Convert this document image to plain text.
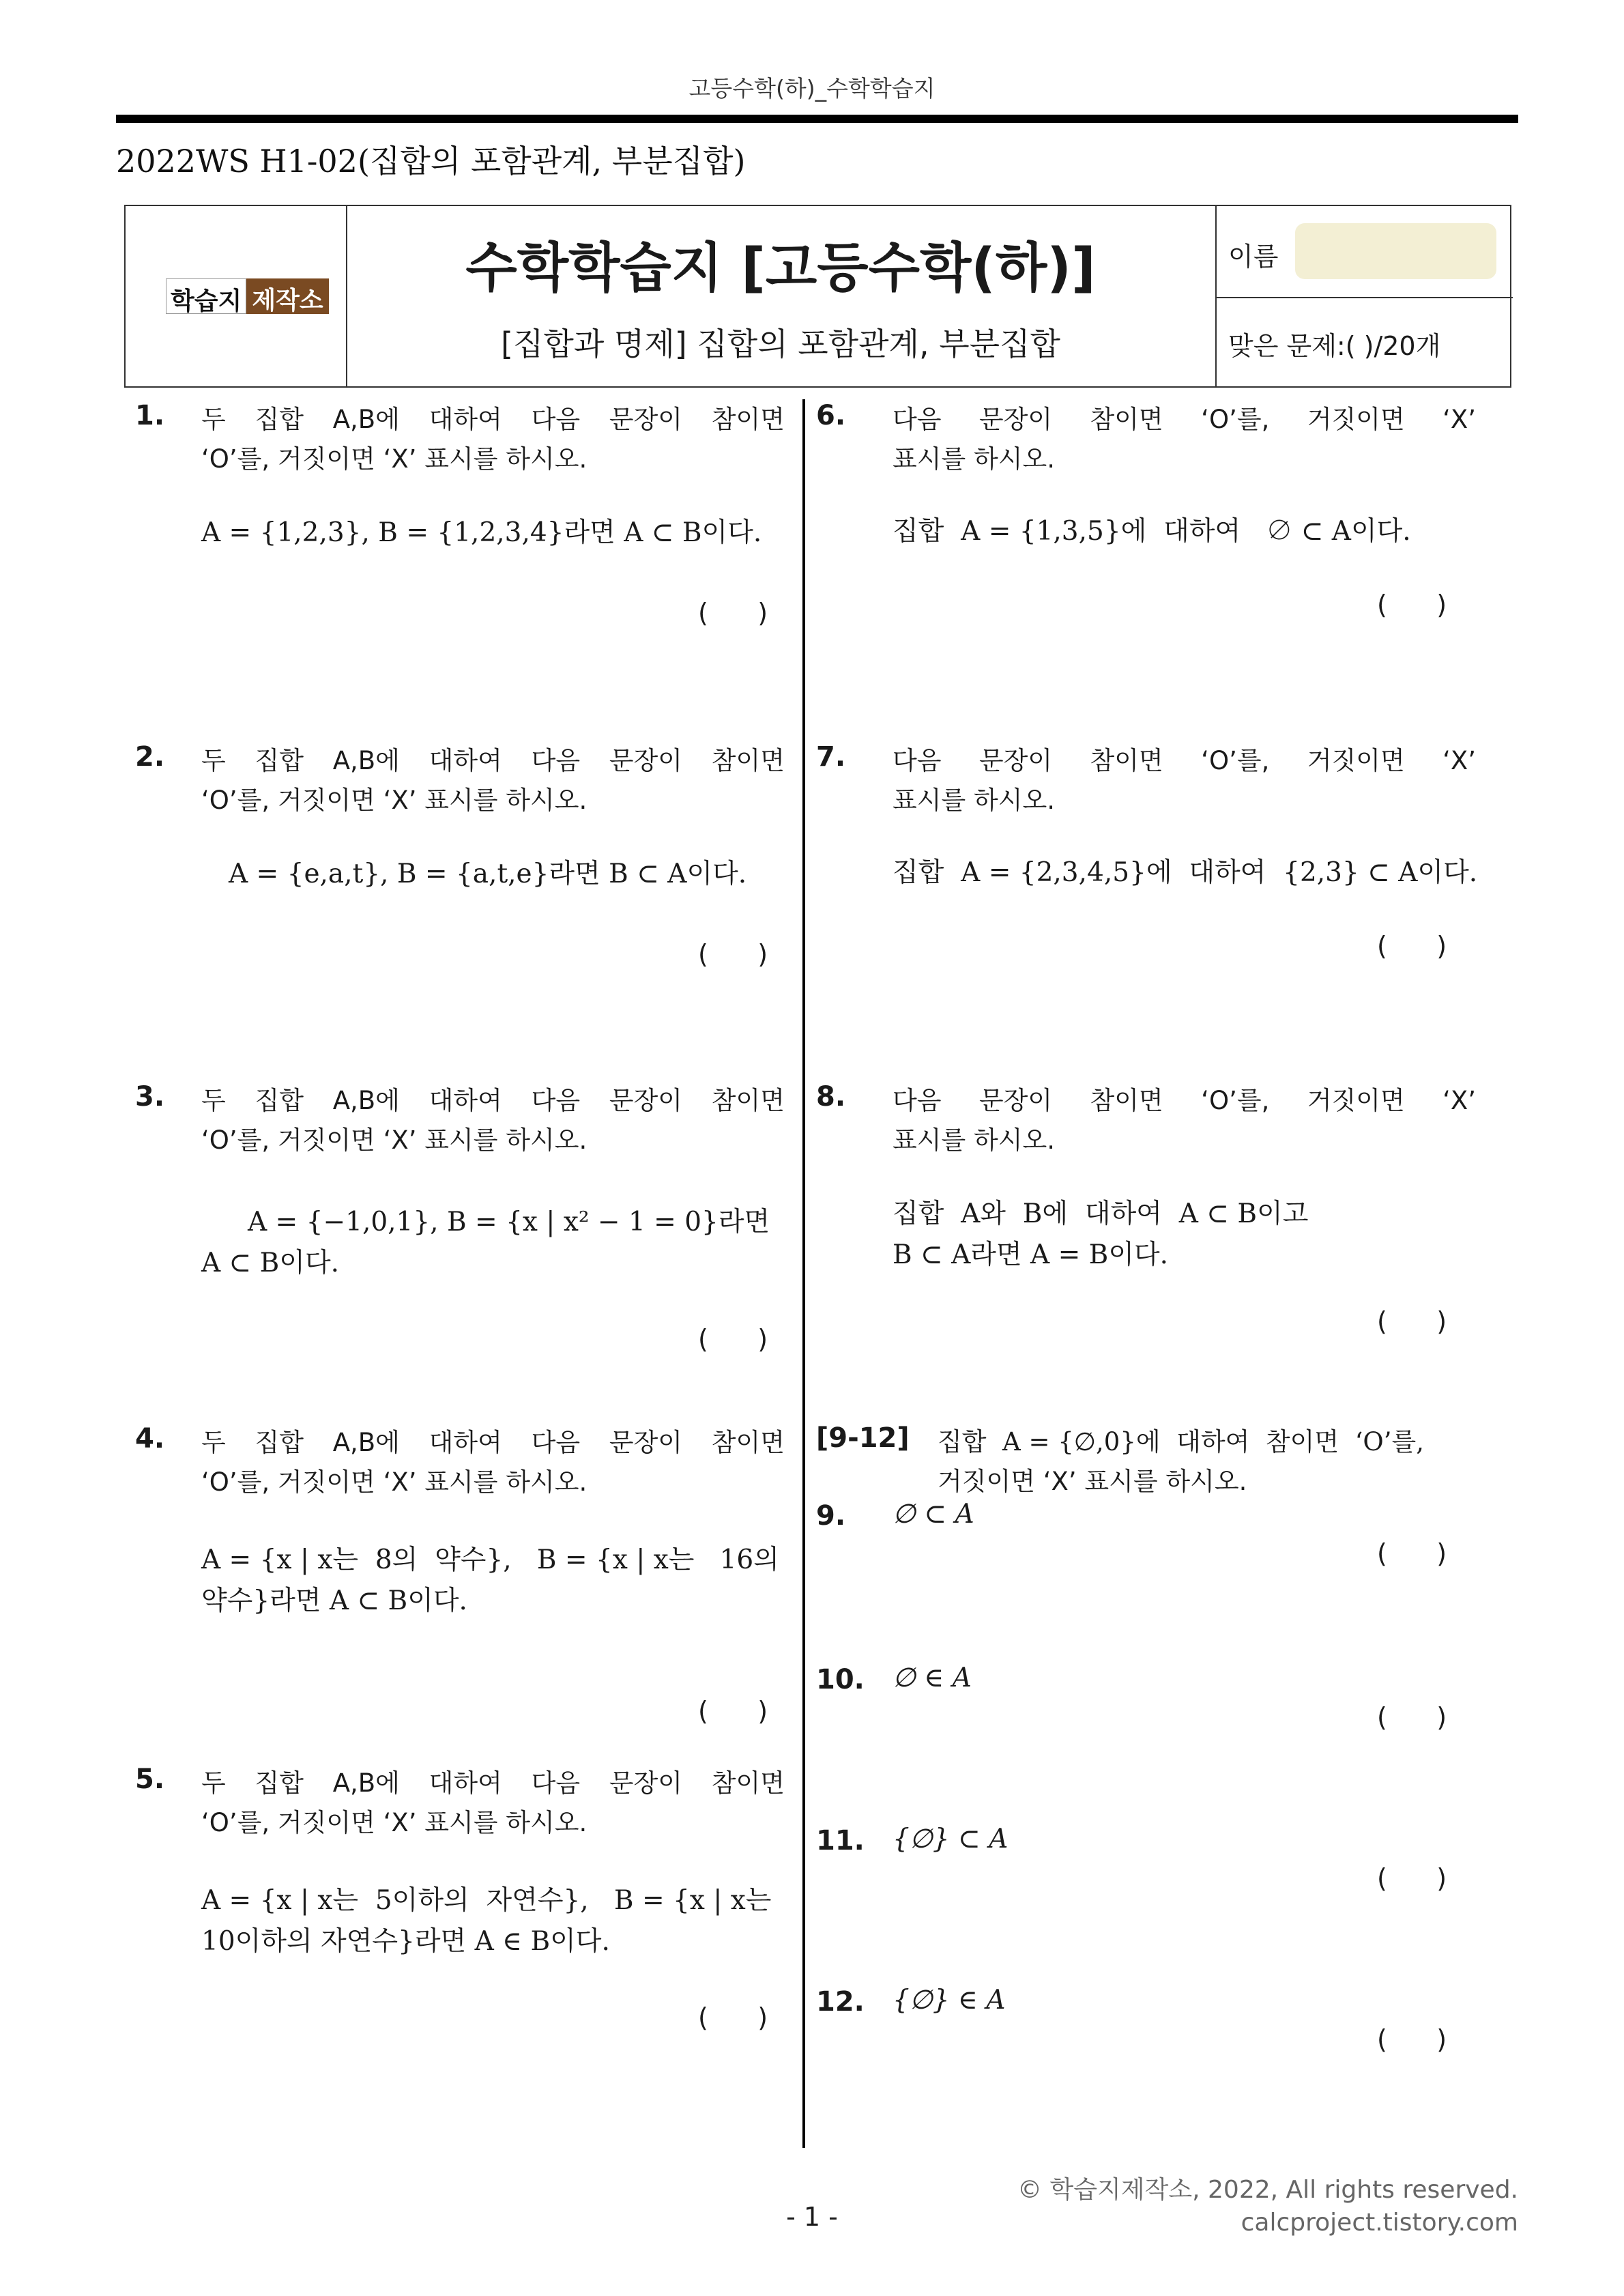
고등수학(하)_수학학습지
2022WS H1-02(집합의 포함관계, 부분집합)
학습지 제작소
수학학습지 [고등수학(하)]
[집합과 명제] 집합의 포함관계, 부분집합
이름
맞은 문제:( )/20개
1. 두 집합 A,B에 대하여 다음 문장이 참이면
‘O’를, 거짓이면 ‘X’ 표시를 하시오.
A = {1,2,3}, B = {1,2,3,4}라면 A ⊂ B이다.
(      )
2. 두 집합 A,B에 대하여 다음 문장이 참이면
‘O’를, 거짓이면 ‘X’ 표시를 하시오.
A = {e,a,t}, B = {a,t,e}라면 B ⊂ A이다.
(      )
3. 두 집합 A,B에 대하여 다음 문장이 참이면
‘O’를, 거짓이면 ‘X’ 표시를 하시오.
A = {−1,0,1}, B = {x | x² − 1 = 0}라면
A ⊂ B이다.
(      )
4. 두 집합 A,B에 대하여 다음 문장이 참이면
‘O’를, 거짓이면 ‘X’ 표시를 하시오.
A = {x | x는  8의  약수},   B = {x | x는   16의
약수}라면 A ⊂ B이다.
(      )
5. 두 집합 A,B에 대하여 다음 문장이 참이면
‘O’를, 거짓이면 ‘X’ 표시를 하시오.
A = {x | x는  5이하의  자연수},   B = {x | x는
10이하의 자연수}라면 A ∈ B이다.
(      )
6. 다음 문장이 참이면 ‘O’를, 거짓이면 ‘X’
표시를 하시오.
집합  A = {1,3,5}에  대하여   ∅ ⊂ A이다.
(      )
7. 다음 문장이 참이면 ‘O’를, 거짓이면 ‘X’
표시를 하시오.
집합  A = {2,3,4,5}에  대하여  {2,3} ⊂ A이다.
(      )
8. 다음 문장이 참이면 ‘O’를, 거짓이면 ‘X’
표시를 하시오.
집합  A와  B에  대하여  A ⊂ B이고
B ⊂ A라면 A = B이다.
(      )
[9-12] 집합  A = {∅,0}에  대하여  참이면  ‘O’를,
거짓이면 ‘X’ 표시를 하시오.
9. ∅ ⊂ A
(      )
10. ∅ ∈ A
(      )
11. {∅} ⊂ A
(      )
12. {∅} ∈ A
(      )
© 학습지제작소, 2022, All rights reserved.
calcproject.tistory.com
- 1 -
